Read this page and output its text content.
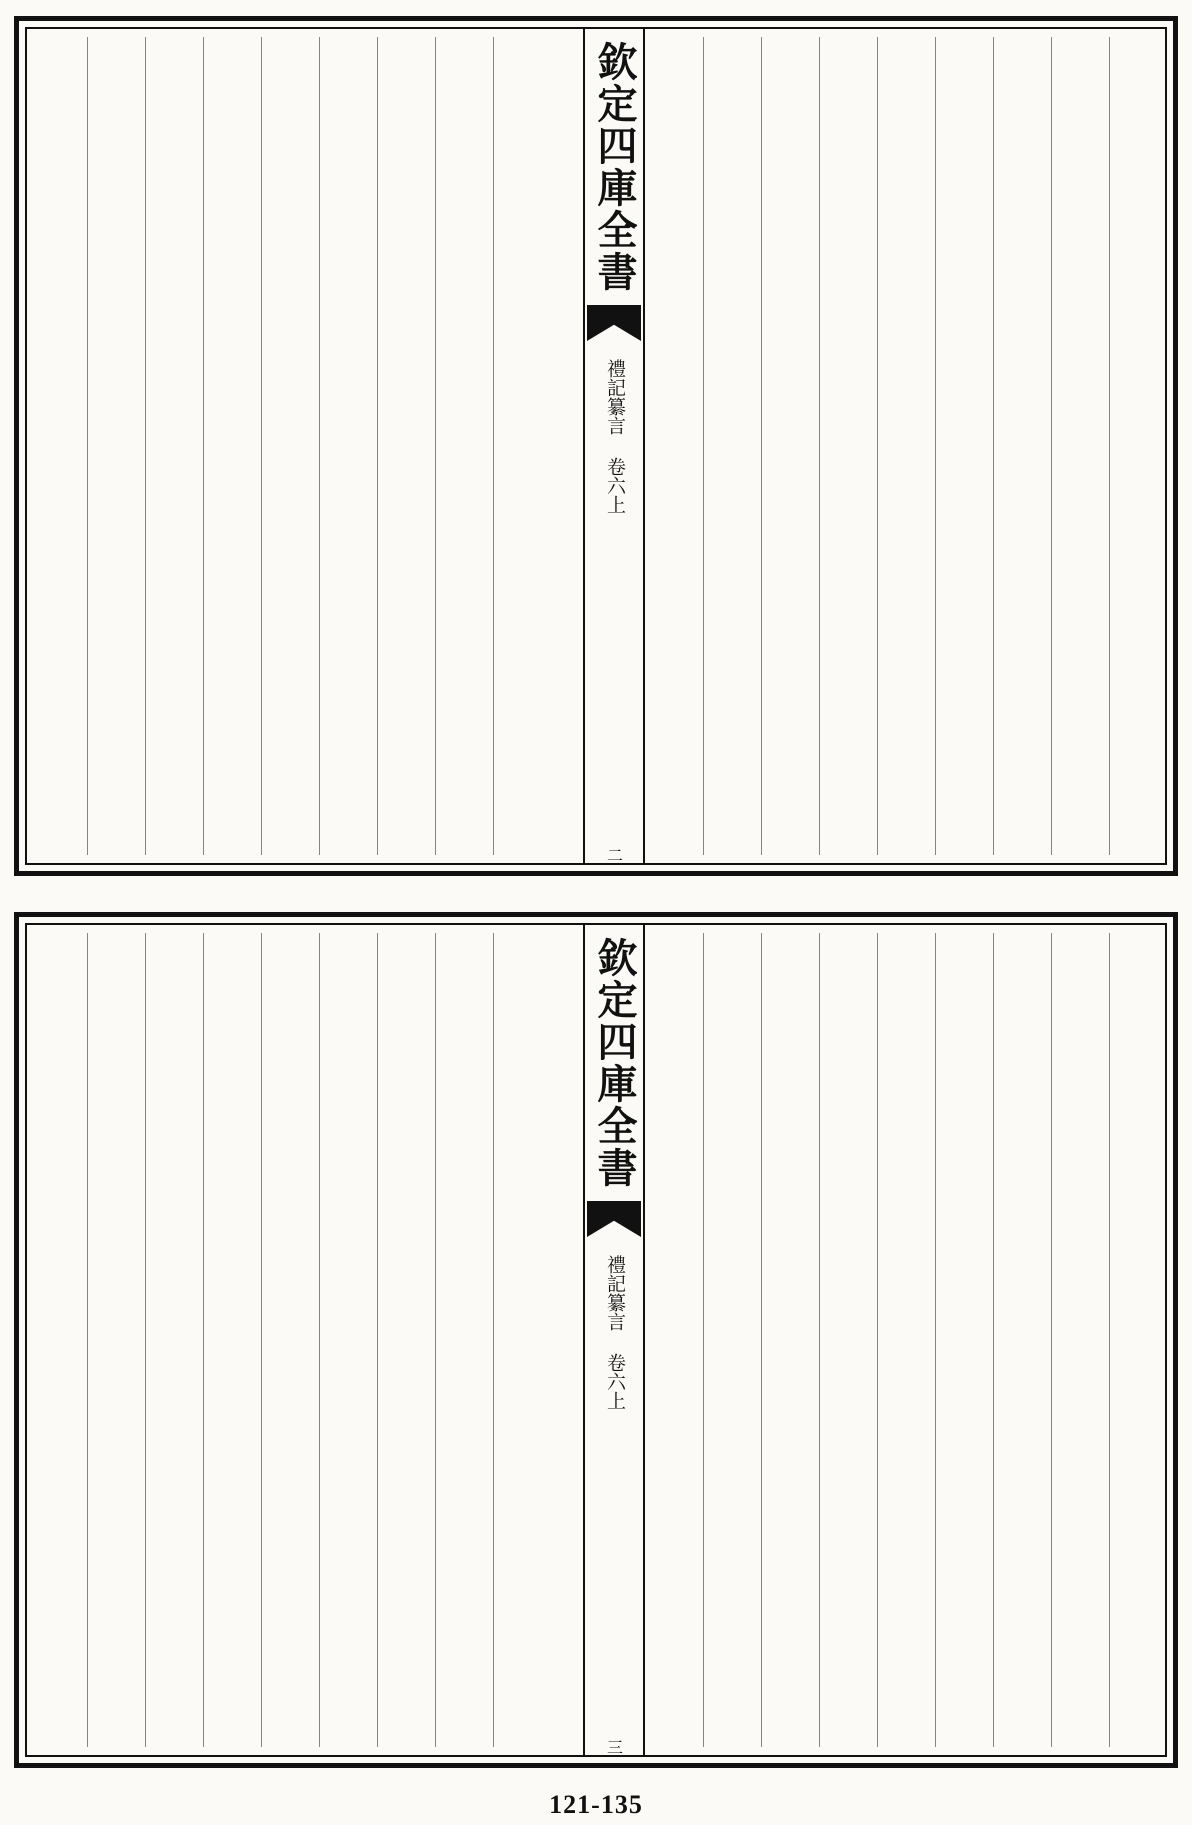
欽定四庫全書
禮記纂言 卷六上
二
欽定四庫全書
禮記纂言 卷六上
三
121-135
